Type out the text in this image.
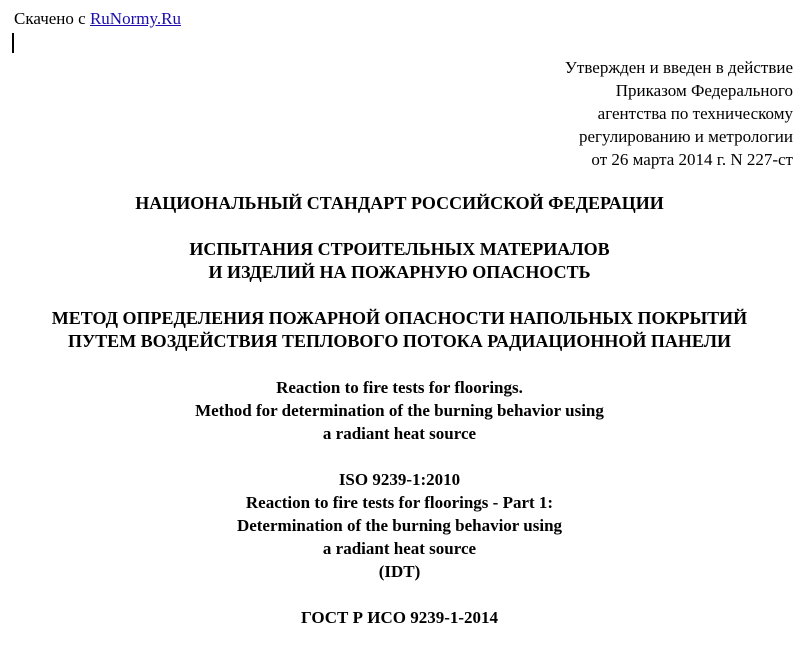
Скачено с RuNormy.Ru
Утвержден и введен в действие
Приказом Федерального
агентства по техническому
регулированию и метрологии
от 26 марта 2014 г. N 227-ст
НАЦИОНАЛЬНЫЙ СТАНДАРТ РОССИЙСКОЙ ФЕДЕРАЦИИ
ИСПЫТАНИЯ СТРОИТЕЛЬНЫХ МАТЕРИАЛОВ
И ИЗДЕЛИЙ НА ПОЖАРНУЮ ОПАСНОСТЬ
МЕТОД ОПРЕДЕЛЕНИЯ ПОЖАРНОЙ ОПАСНОСТИ НАПОЛЬНЫХ ПОКРЫТИЙ
ПУТЕМ ВОЗДЕЙСТВИЯ ТЕПЛОВОГО ПОТОКА РАДИАЦИОННОЙ ПАНЕЛИ
Reaction to fire tests for floorings.
Method for determination of the burning behavior using
a radiant heat source
ISO 9239-1:2010
Reaction to fire tests for floorings - Part 1:
Determination of the burning behavior using
a radiant heat source
(IDT)
ГОСТ Р ИСО 9239-1-2014
